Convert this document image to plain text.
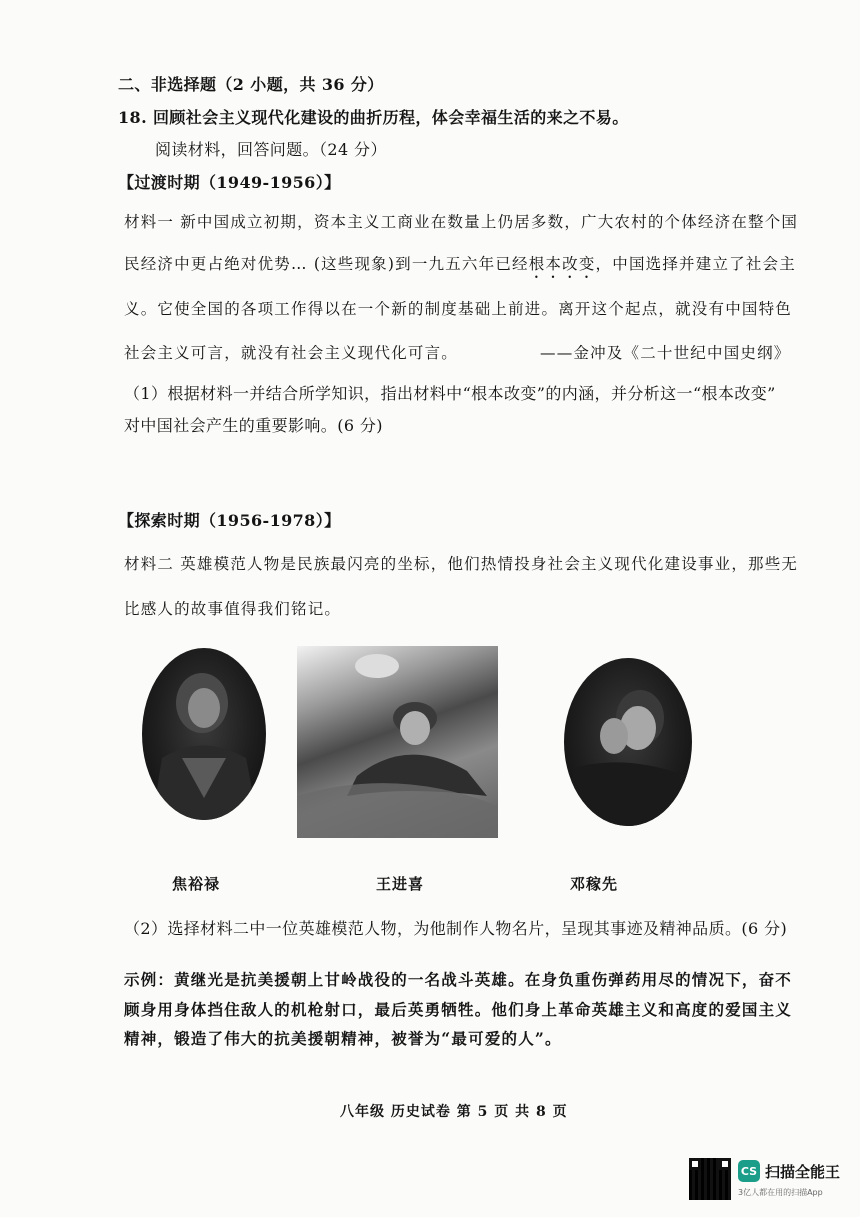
二、非选择题（2 小题，共 36 分）
18. 回顾社会主义现代化建设的曲折历程，体会幸福生活的来之不易。
阅读材料，回答问题。（24 分）
【过渡时期（1949-1956）】
材料一 新中国成立初期，资本主义工商业在数量上仍居多数，广大农村的个体经济在整个国
民经济中更占绝对优势… (这些现象)到一九五六年已经根本改变，中国选择并建立了社会主
义。它使全国的各项工作得以在一个新的制度基础上前进。离开这个起点，就没有中国特色
社会主义可言，就没有社会主义现代化可言。	——金冲及《二十世纪中国史纲》
（1）根据材料一并结合所学知识，指出材料中“根本改变”的内涵，并分析这一“根本改变”
对中国社会产生的重要影响。(6 分)
【探索时期（1956-1978）】
材料二 英雄模范人物是民族最闪亮的坐标，他们热情投身社会主义现代化建设事业，那些无
比感人的故事值得我们铭记。
焦裕禄	王进喜	邓稼先
（2）选择材料二中一位英雄模范人物，为他制作人物名片，呈现其事迹及精神品质。(6 分)
示例：黄继光是抗美援朝上甘岭战役的一名战斗英雄。在身负重伤弹药用尽的情况下，奋不
顾身用身体挡住敌人的机枪射口，最后英勇牺牲。他们身上革命英雄主义和高度的爱国主义
精神，锻造了伟大的抗美援朝精神，被誉为“最可爱的人”。
八年级 历史试卷 第 5 页 共 8 页
CS 扫描全能王
3亿人都在用的扫描App
